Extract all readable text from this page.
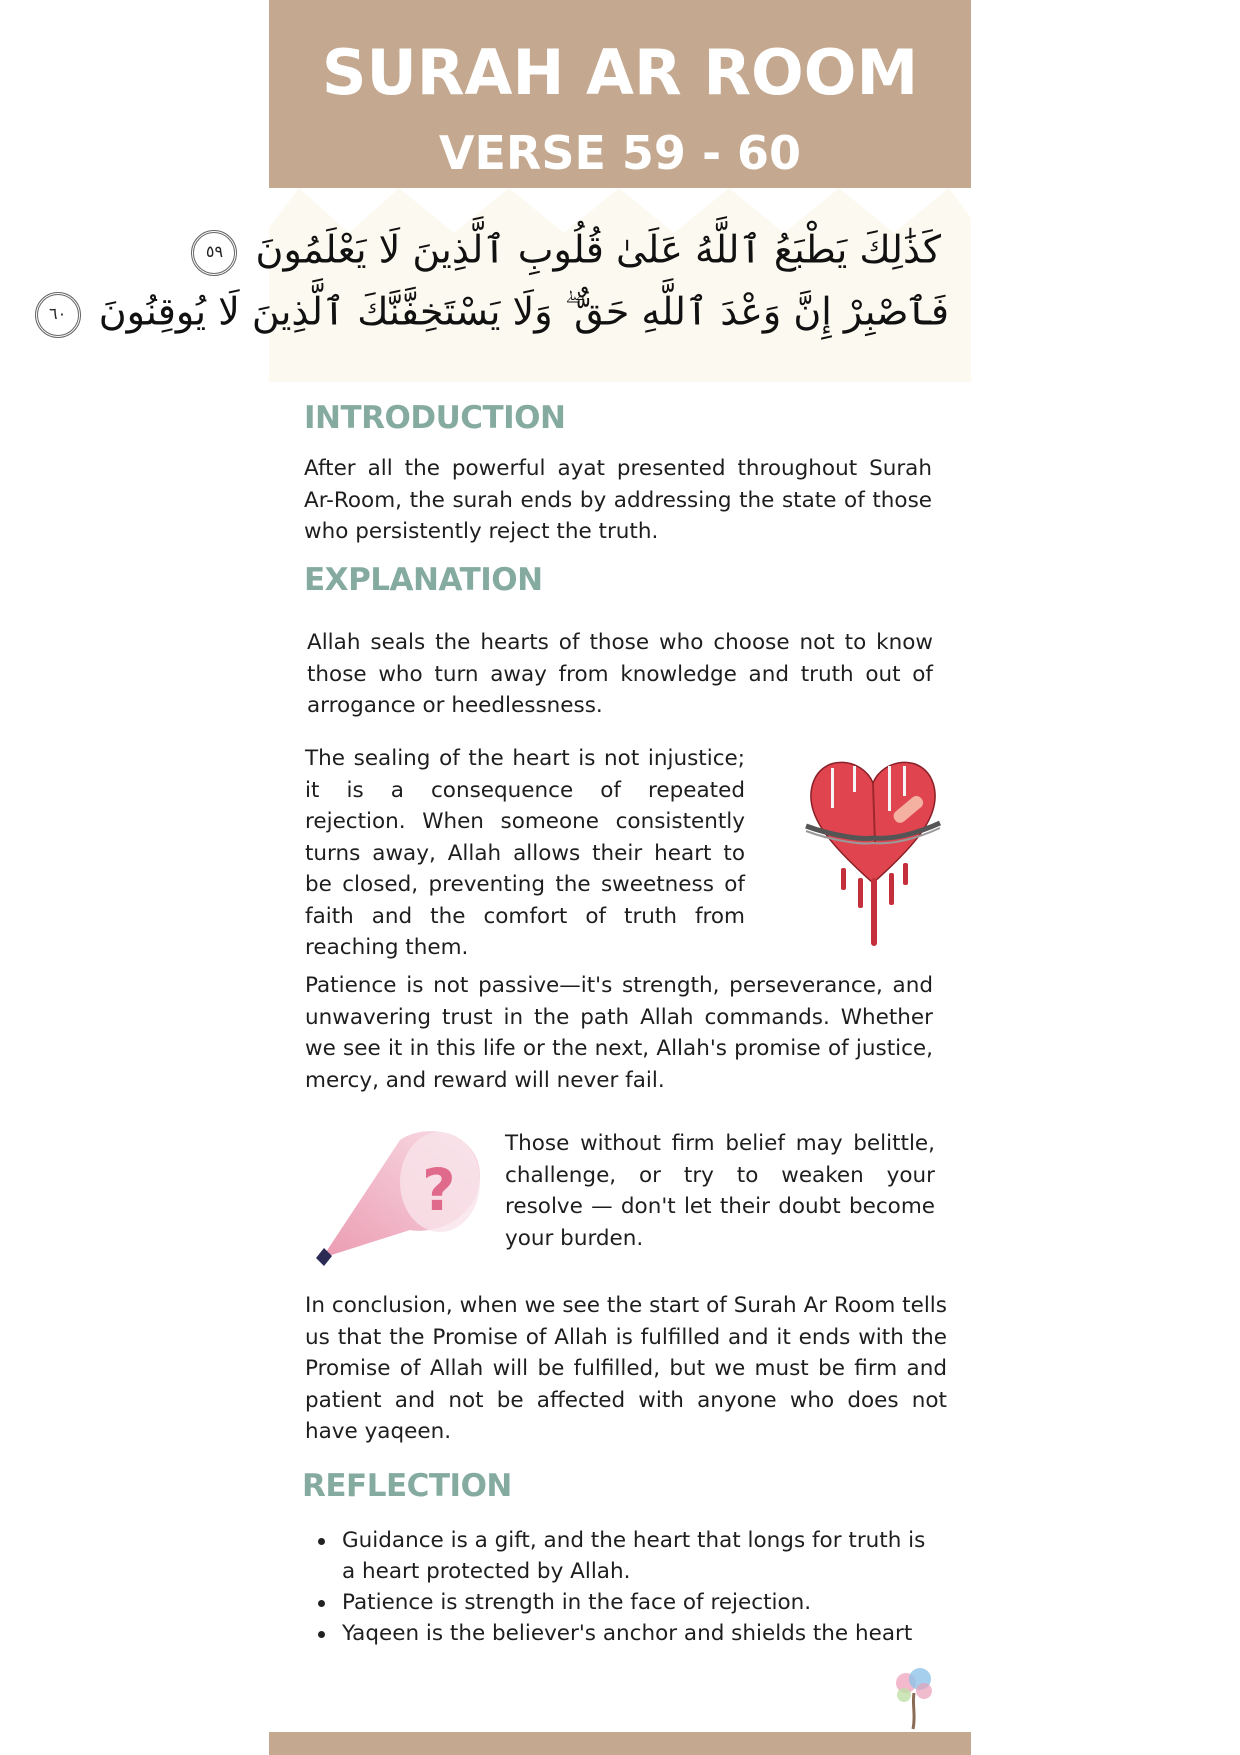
SURAH AR ROOM
VERSE 59 - 60
كَذَٰلِكَ يَطْبَعُ ٱللَّهُ عَلَىٰ قُلُوبِ ٱلَّذِينَ لَا يَعْلَمُونَ ٥٩
فَٱصْبِرْ إِنَّ وَعْدَ ٱللَّهِ حَقٌّ ۖ وَلَا يَسْتَخِفَّنَّكَ ٱلَّذِينَ لَا يُوقِنُونَ ٦٠
INTRODUCTION
After all the powerful ayat presented throughout Surah Ar-Room, the surah ends by addressing the state of those who persistently reject the truth.
EXPLANATION
Allah seals the hearts of those who choose not to know those who turn away from knowledge and truth out of arrogance or heedlessness.
The sealing of the heart is not injustice; it is a consequence of repeated rejection. When someone consistently turns away, Allah allows their heart to be closed, preventing the sweetness of faith and the comfort of truth from reaching them.
Patience is not passive—it's strength, perseverance, and unwavering trust in the path Allah commands. Whether we see it in this life or the next, Allah's promise of justice, mercy, and reward will never fail.
?
Those without firm belief may belittle, challenge, or try to weaken your resolve — don't let their doubt become your burden.
In conclusion, when we see the start of Surah Ar Room tells us that the Promise of Allah is fulfilled and it ends with the Promise of Allah will be fulfilled, but we must be firm and patient and not be affected with anyone who does not have yaqeen.
REFLECTION
Guidance is a gift, and the heart that longs for truth is a heart protected by Allah.
Patience is strength in the face of rejection.
Yaqeen is the believer's anchor and shields the heart
